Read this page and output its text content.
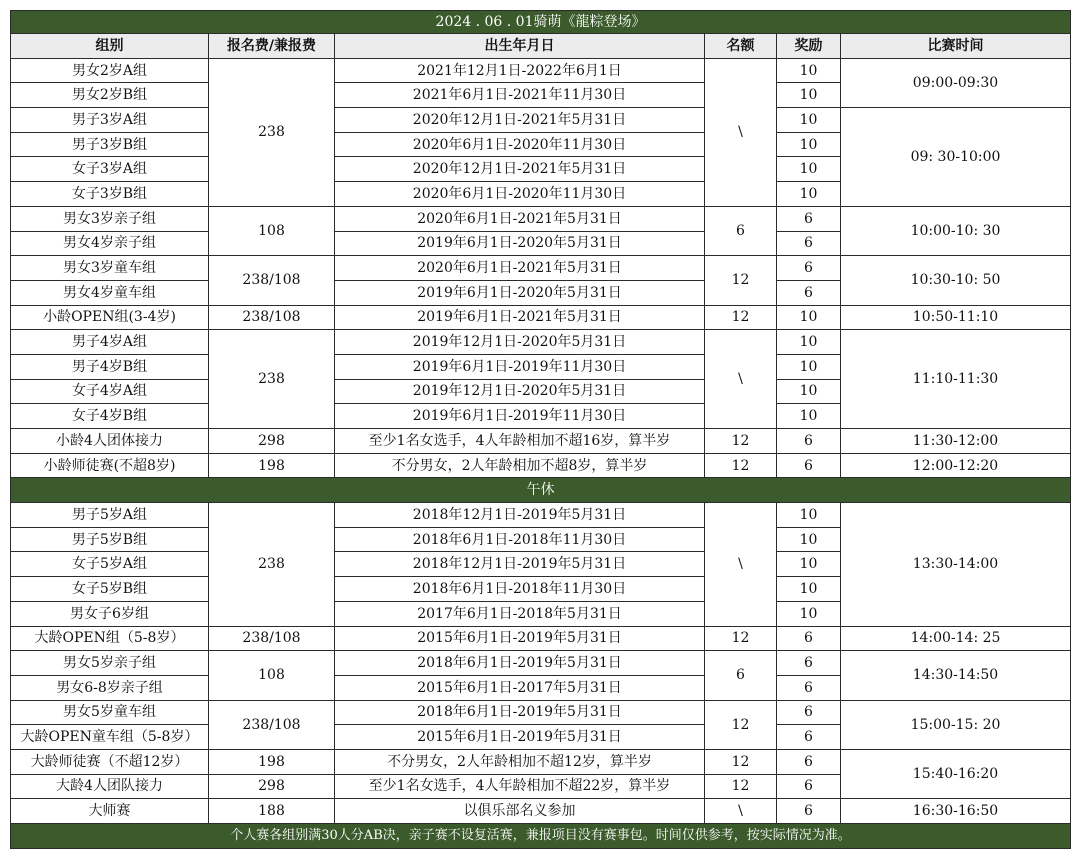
2024 . 06 . 01骑萌《龍粽登场》					
组别	报名费/兼报费	出生年月日	名额	奖励	比赛时间
男女2岁A组	238	2021年12月1日-2022年6月1日	\	10	09:00-09:30
男女2岁B组		2021年6月1日-2021年11月30日		10	
男子3岁A组		2020年12月1日-2021年5月31日		10	09: 30-10:00
男子3岁B组		2020年6月1日-2020年11月30日		10	
女子3岁A组		2020年12月1日-2021年5月31日		10	
女子3岁B组		2020年6月1日-2020年11月30日		10	
男女3岁亲子组	108	2020年6月1日-2021年5月31日	6	6	10:00-10: 30
男女4岁亲子组		2019年6月1日-2020年5月31日		6	
男女3岁童车组	238/108	2020年6月1日-2021年5月31日	12	6	10:30-10: 50
男女4岁童车组		2019年6月1日-2020年5月31日		6	
小龄OPEN组(3-4岁)	238/108	2019年6月1日-2021年5月31日	12	10	10:50-11:10
男子4岁A组	238	2019年12月1日-2020年5月31日	\	10	11:10-11:30
男子4岁B组		2019年6月1日-2019年11月30日		10	
女子4岁A组		2019年12月1日-2020年5月31日		10	
女子4岁B组		2019年6月1日-2019年11月30日		10	
小龄4人团体接力	298	至少1名女选手，4人年龄相加不超16岁，算半岁	12	6	11:30-12:00
小龄师徒赛(不超8岁)	198	不分男女，2人年龄相加不超8岁，算半岁	12	6	12:00-12:20
午休					
男子5岁A组	238	2018年12月1日-2019年5月31日	\	10	13:30-14:00
男子5岁B组		2018年6月1日-2018年11月30日		10	
女子5岁A组		2018年12月1日-2019年5月31日		10	
女子5岁B组		2018年6月1日-2018年11月30日		10	
男女子6岁组		2017年6月1日-2018年5月31日		10	
大龄OPEN组（5-8岁）	238/108	2015年6月1日-2019年5月31日	12	6	14:00-14: 25
男女5岁亲子组	108	2018年6月1日-2019年5月31日	6	6	14:30-14:50
男女6-8岁亲子组		2015年6月1日-2017年5月31日		6	
男女5岁童车组	238/108	2018年6月1日-2019年5月31日	12	6	15:00-15: 20
大龄OPEN童车组（5-8岁）		2015年6月1日-2019年5月31日		6	
大龄师徒赛（不超12岁）	198	不分男女，2人年龄相加不超12岁，算半岁	12	6	15:40-16:20
大龄4人团队接力	298	至少1名女选手，4人年龄相加不超22岁，算半岁	12	6	
大师赛	188	以俱乐部名义参加	\	6	16:30-16:50
个人赛各组别满30人分AB决，亲子赛不设复活赛，兼报项目没有赛事包。时间仅供参考，按实际情况为准。					
